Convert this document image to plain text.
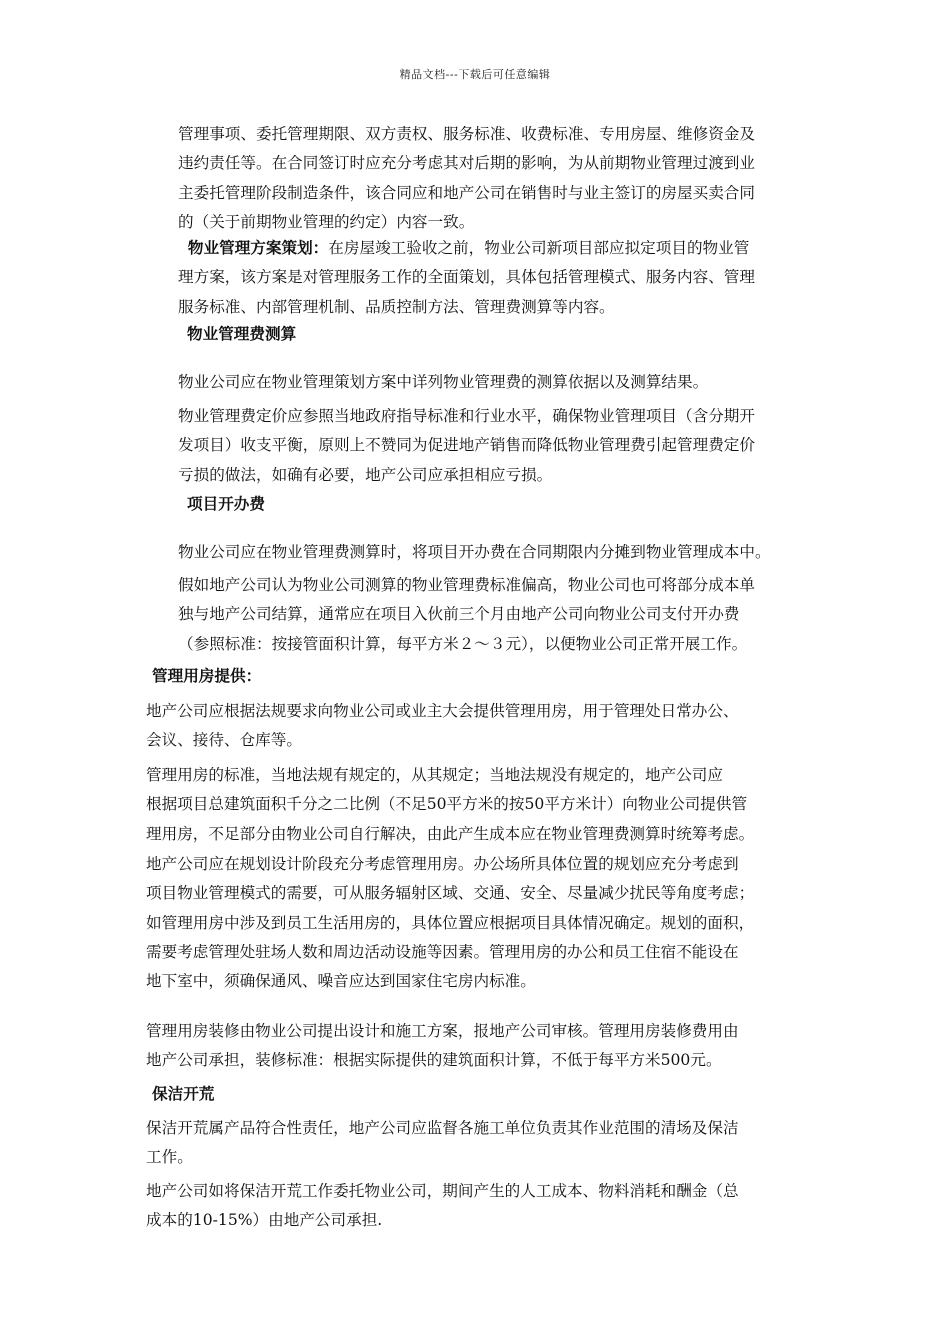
精品文档---下载后可任意编辑
管理事项、委托管理期限、双方责权、服务标准、收费标准、专用房屋、维修资金及
违约责任等。在合同签订时应充分考虑其对后期的影响，为从前期物业管理过渡到业
主委托管理阶段制造条件，该合同应和地产公司在销售时与业主签订的房屋买卖合同
的（关于前期物业管理的约定）内容一致。
物业管理方案策划：在房屋竣工验收之前，物业公司新项目部应拟定项目的物业管
理方案，该方案是对管理服务工作的全面策划，具体包括管理模式、服务内容、管理
服务标准、内部管理机制、品质控制方法、管理费测算等内容。
物业管理费测算
物业公司应在物业管理策划方案中详列物业管理费的测算依据以及测算结果。
物业管理费定价应参照当地政府指导标准和行业水平，确保物业管理项目（含分期开
发项目）收支平衡，原则上不赞同为促进地产销售而降低物业管理费引起管理费定价
亏损的做法，如确有必要，地产公司应承担相应亏损。
项目开办费
物业公司应在物业管理费测算时，将项目开办费在合同期限内分摊到物业管理成本中。
假如地产公司认为物业公司测算的物业管理费标准偏高，物业公司也可将部分成本单
独与地产公司结算，通常应在项目入伙前三个月由地产公司向物业公司支付开办费
（参照标准：按接管面积计算，每平方米２～３元），以便物业公司正常开展工作。
管理用房提供：
地产公司应根据法规要求向物业公司或业主大会提供管理用房，用于管理处日常办公、
会议、接待、仓库等。
管理用房的标准，当地法规有规定的，从其规定；当地法规没有规定的，地产公司应
根据项目总建筑面积千分之二比例（不足50平方米的按50平方米计）向物业公司提供管
理用房，不足部分由物业公司自行解决，由此产生成本应在物业管理费测算时统筹考虑。
地产公司应在规划设计阶段充分考虑管理用房。办公场所具体位置的规划应充分考虑到
项目物业管理模式的需要，可从服务辐射区域、交通、安全、尽量减少扰民等角度考虑；
如管理用房中涉及到员工生活用房的，具体位置应根据项目具体情况确定。规划的面积，
需要考虑管理处驻场人数和周边活动设施等因素。管理用房的办公和员工住宿不能设在
地下室中，须确保通风、噪音应达到国家住宅房内标准。
管理用房装修由物业公司提出设计和施工方案，报地产公司审核。管理用房装修费用由
地产公司承担，装修标准：根据实际提供的建筑面积计算，不低于每平方米500元。
保洁开荒
保洁开荒属产品符合性责任，地产公司应监督各施工单位负责其作业范围的清场及保洁
工作。
地产公司如将保洁开荒工作委托物业公司，期间产生的人工成本、物料消耗和酬金（总
成本的10-15%）由地产公司承担.
